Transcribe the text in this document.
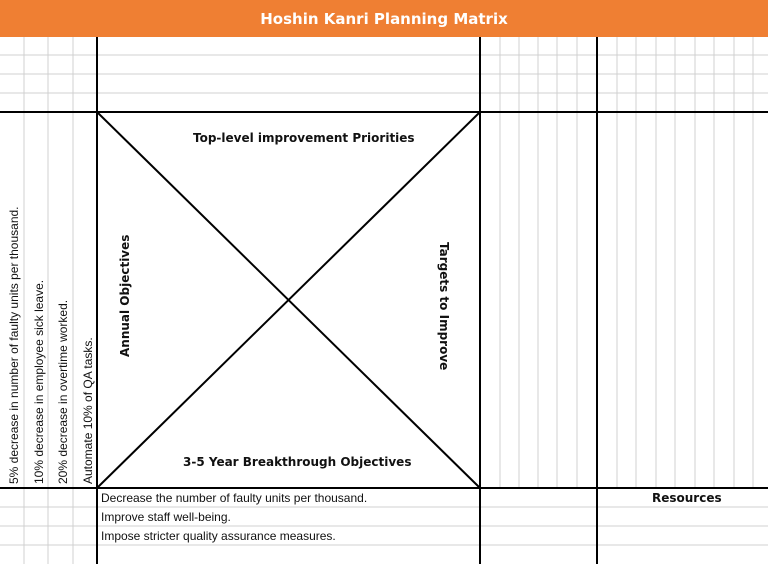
Hoshin Kanri Planning Matrix
Top-level improvement Priorities
3-5 Year Breakthrough Objectives
Annual Objectives	Targets to Improve
5% decrease in number of faulty units per thousand. 10% decrease in employee sick leave. 20% decrease in overtime worked. Automate 10% of QA tasks.
Decrease the number of faulty units per thousand.
Improve staff well-being.
Impose stricter quality assurance measures.
Resources
